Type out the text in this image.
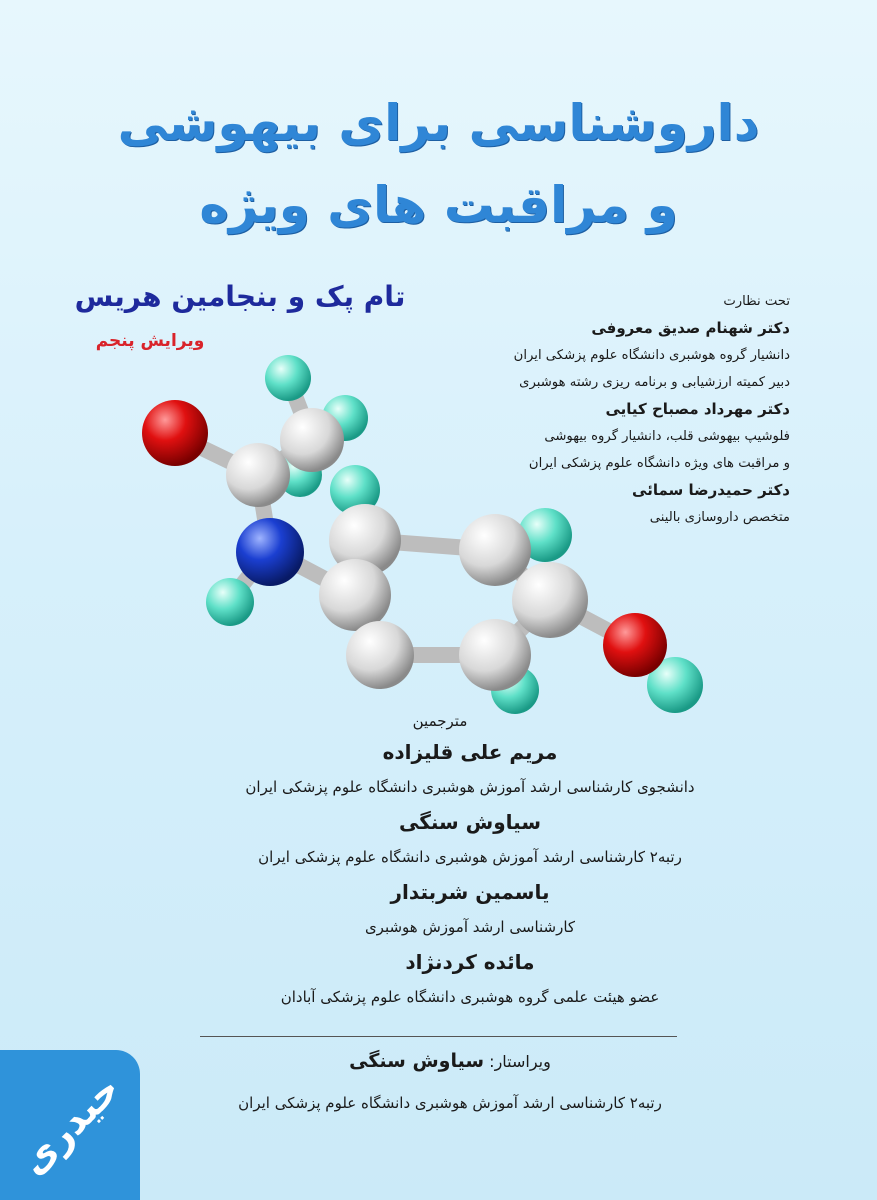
داروشناسی برای بیهوشی
و مراقبت های ویژه
تام پک و بنجامین هریس
ویرایش پنجم
تحت نظارت
دکتر شهنام صدیق معروفی
دانشیار گروه هوشبری دانشگاه علوم پزشکی ایران
دبیر کمیته ارزشیابی و برنامه ریزی رشته هوشبری
دکتر مهرداد مصباح کیایی
فلوشیپ بیهوشی قلب، دانشیار گروه بیهوشی
و مراقبت های ویژه دانشگاه علوم پزشکی ایران
دکتر حمیدرضا سمائی
متخصص داروسازی بالینی
مترجمین
مریم علی قلیزاده
دانشجوی کارشناسی ارشد آموزش هوشبری دانشگاه علوم پزشکی ایران
سیاوش سنگی
رتبه۲ کارشناسی ارشد آموزش هوشبری دانشگاه علوم پزشکی ایران
یاسمین شربتدار
کارشناسی ارشد آموزش هوشبری
مائده کردنژاد
عضو هیئت علمی گروه هوشبری دانشگاه علوم پزشکی آبادان
ویراستار: سیاوش سنگی
رتبه۲ کارشناسی ارشد آموزش هوشبری دانشگاه علوم پزشکی ایران
حیدری
